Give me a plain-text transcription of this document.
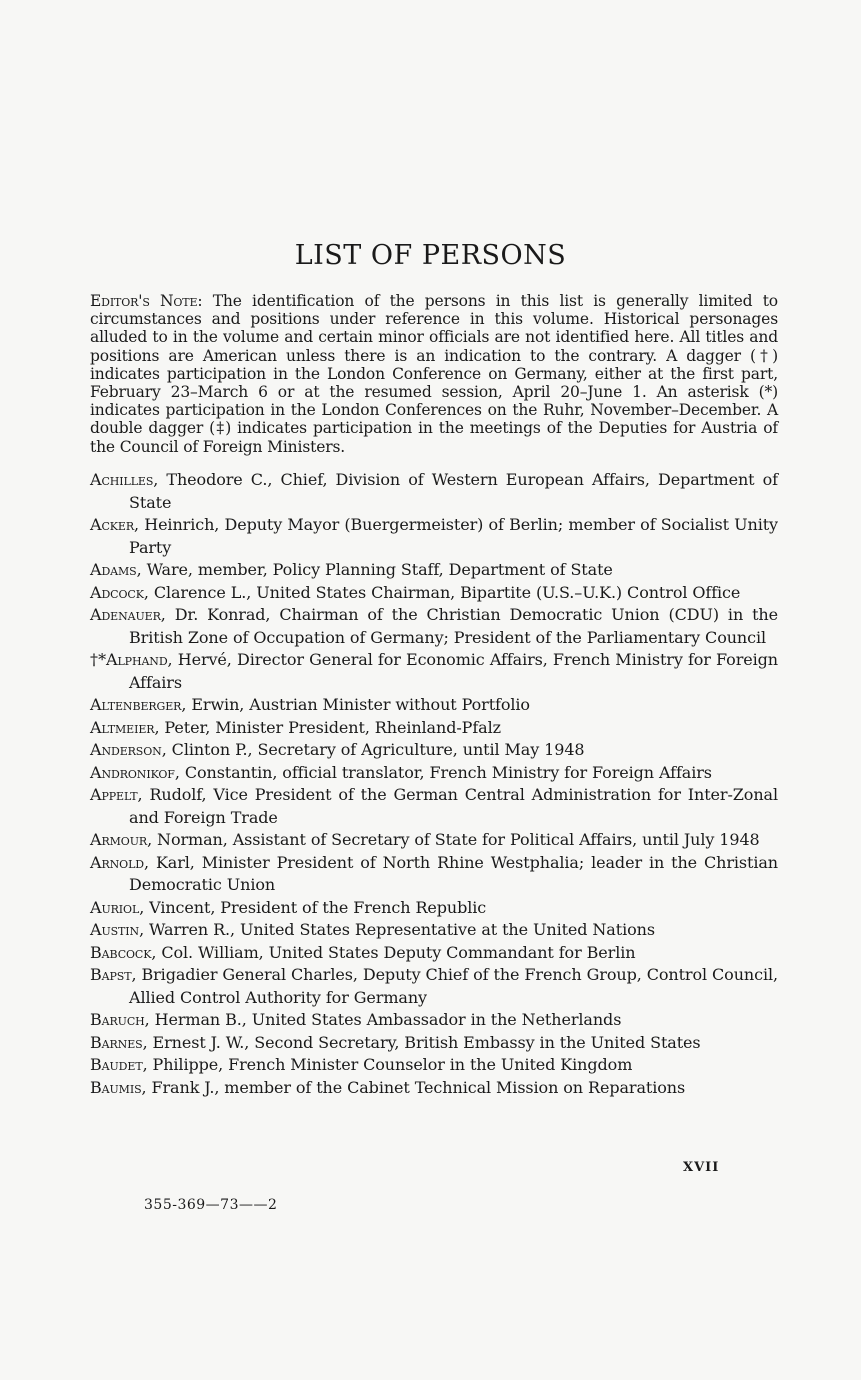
LIST OF PERSONS

Editor's Note: The identification of the persons in this list is generally limited to circumstances and positions under reference in this volume. Historical personages alluded to in the volume and certain minor officials are not identified here. All titles and positions are American unless there is an indication to the contrary. A dagger (†) indicates participation in the London Conference on Germany, either at the first part, February 23–March 6 or at the resumed session, April 20–June 1. An asterisk (*) indicates participation in the London Conferences on the Ruhr, November–December. A double dagger (‡) indicates participation in the meetings of the Deputies for Austria of the Council of Foreign Ministers.

Achilles, Theodore C., Chief, Division of Western European Affairs, Department of State
Acker, Heinrich, Deputy Mayor (Buergermeister) of Berlin; member of Socialist Unity Party
Adams, Ware, member, Policy Planning Staff, Department of State
Adcock, Clarence L., United States Chairman, Bipartite (U.S.–U.K.) Control Office
Adenauer, Dr. Konrad, Chairman of the Christian Democratic Union (CDU) in the British Zone of Occupation of Germany; President of the Parliamentary Council
†*Alphand, Hervé, Director General for Economic Affairs, French Ministry for Foreign Affairs
Altenberger, Erwin, Austrian Minister without Portfolio
Altmeier, Peter, Minister President, Rheinland-Pfalz
Anderson, Clinton P., Secretary of Agriculture, until May 1948
Andronikof, Constantin, official translator, French Ministry for Foreign Affairs
Appelt, Rudolf, Vice President of the German Central Administration for Inter-Zonal and Foreign Trade
Armour, Norman, Assistant of Secretary of State for Political Affairs, until July 1948
Arnold, Karl, Minister President of North Rhine Westphalia; leader in the Christian Democratic Union
Auriol, Vincent, President of the French Republic
Austin, Warren R., United States Representative at the United Nations
Babcock, Col. William, United States Deputy Commandant for Berlin
Bapst, Brigadier General Charles, Deputy Chief of the French Group, Control Council, Allied Control Authority for Germany
Baruch, Herman B., United States Ambassador in the Netherlands
Barnes, Ernest J. W., Second Secretary, British Embassy in the United States
Baudet, Philippe, French Minister Counselor in the United Kingdom
Baumis, Frank J., member of the Cabinet Technical Mission on Reparations
XVII
355-369—73——2
